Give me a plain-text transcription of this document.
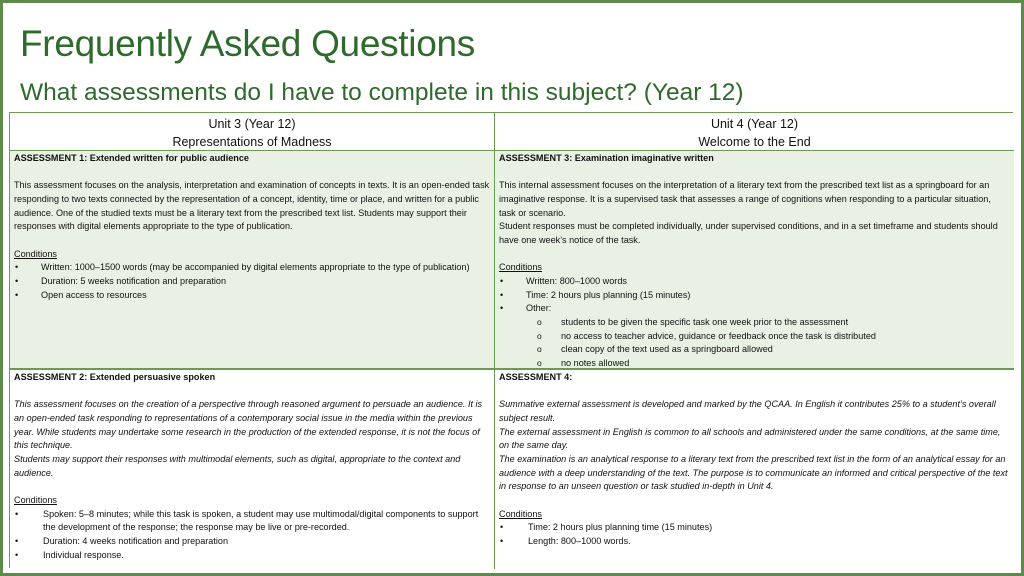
Frequently Asked Questions
What assessments do I have to complete in this subject? (Year 12)
Unit 3 (Year 12)
Representations of Madness
Unit 4 (Year 12)
Welcome to the End

ASSESSMENT 1: Extended written for public audience

This assessment focuses on the analysis, interpretation and examination of concepts in texts. It is an open-ended task responding to two texts connected by the representation of a concept, identity, time or place, and written for a public audience. One of the studied texts must be a literary text from the prescribed text list. Students may support their responses with digital elements appropriate to the type of publication.

Conditions

• Written: 1000–1500 words (may be accompanied by digital elements appropriate to the type of publication)
• Duration: 5 weeks notification and preparation
• Open access to resources

ASSESSMENT 3: Examination imaginative written

This internal assessment focuses on the interpretation of a literary text from the prescribed text list as a springboard for an imaginative response. It is a supervised task that assesses a range of cognitions when responding to a particular situation, task or scenario.

Student responses must be completed individually, under supervised conditions, and in a set timeframe and students should have one week’s notice of the task.

Conditions

• Written: 800–1000 words
• Time: 2 hours plus planning (15 minutes)
• Other:
o students to be given the specific task one week prior to the assessment
o no access to teacher advice, guidance or feedback once the task is distributed
o clean copy of the text used as a springboard allowed
o no notes allowed

ASSESSMENT 2: Extended persuasive spoken

This assessment focuses on the creation of a perspective through reasoned argument to persuade an audience. It is an open-ended task responding to representations of a contemporary social issue in the media within the previous year. While students may undertake some research in the production of the extended response, it is not the focus of this technique.

Students may support their responses with multimodal elements, such as digital, appropriate to the context and audience.

Conditions

• Spoken: 5–8 minutes; while this task is spoken, a student may use multimodal/digital components to support the development of the response; the response may be live or pre-recorded.
• Duration: 4 weeks notification and preparation
• Individual response.

ASSESSMENT 4:

Summative external assessment is developed and marked by the QCAA. In English it contributes 25% to a student’s overall subject result.

The external assessment in English is common to all schools and administered under the same conditions, at the same time, on the same day.

The examination is an analytical response to a literary text from the prescribed text list in the form of an analytical essay for an audience with a deep understanding of the text. The purpose is to communicate an informed and critical perspective of the text in response to an unseen question or task studied in-depth in Unit 4.

Conditions

• Time: 2 hours plus planning time (15 minutes)
• Length: 800–1000 words.
